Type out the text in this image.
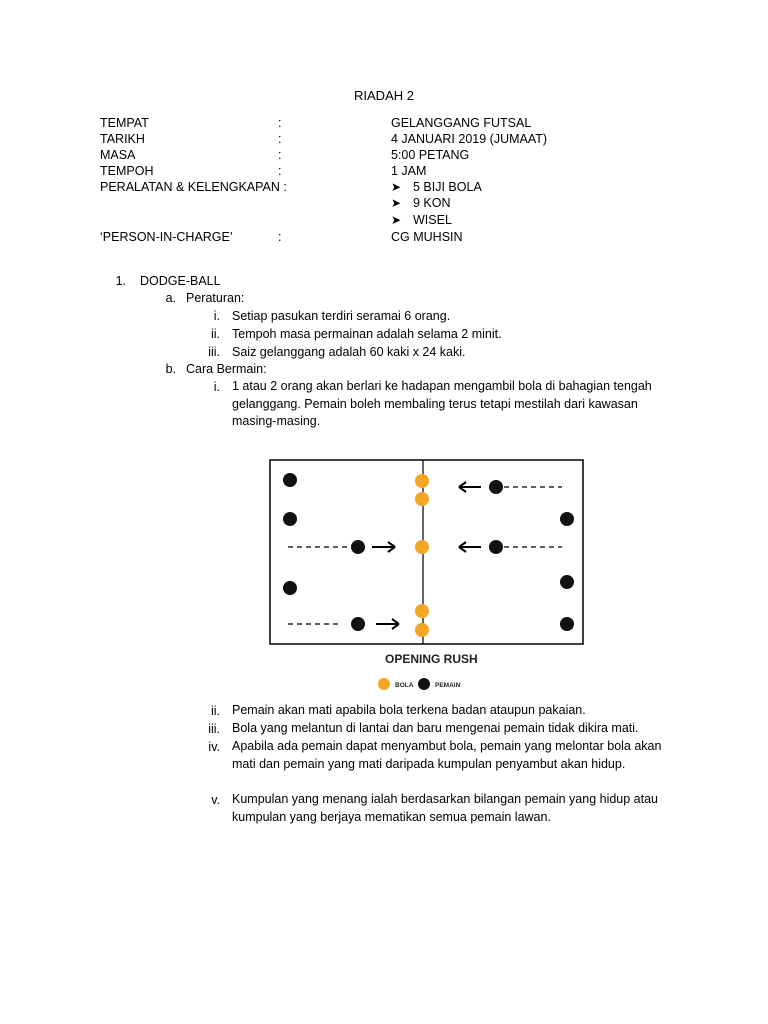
RIADAH 2
TEMPAT	:	GELANGGANG FUTSAL
TARIKH	:	4 JANUARI 2019 (JUMAAT)
MASA	:	5:00 PETANG
TEMPOH	:	1 JAM
PERALATAN & KELENGKAPAN :	➤ 5 BIJI BOLA
➤ 9 KON
➤ WISEL
‘PERSON-IN-CHARGE’	:	CG MUHSIN
1. DODGE-BALL
a. Peraturan:
i. Setiap pasukan terdiri seramai 6 orang.
ii. Tempoh masa permainan adalah selama 2 minit.
iii. Saiz gelanggang adalah 60 kaki x 24 kaki.
b. Cara Bermain:
i. 1 atau 2 orang akan berlari ke hadapan mengambil bola di bahagian tengah gelanggang. Pemain boleh membaling terus tetapi mestilah dari kawasan masing-masing.
OPENING RUSH
BOLA	PEMAIN
ii. Pemain akan mati apabila bola terkena badan ataupun pakaian.
iii. Bola yang melantun di lantai dan baru mengenai pemain tidak dikira mati.
iv. Apabila ada pemain dapat menyambut bola, pemain yang melontar bola akan mati dan pemain yang mati daripada kumpulan penyambut akan hidup.
v. Kumpulan yang menang ialah berdasarkan bilangan pemain yang hidup atau kumpulan yang berjaya mematikan semua pemain lawan.
